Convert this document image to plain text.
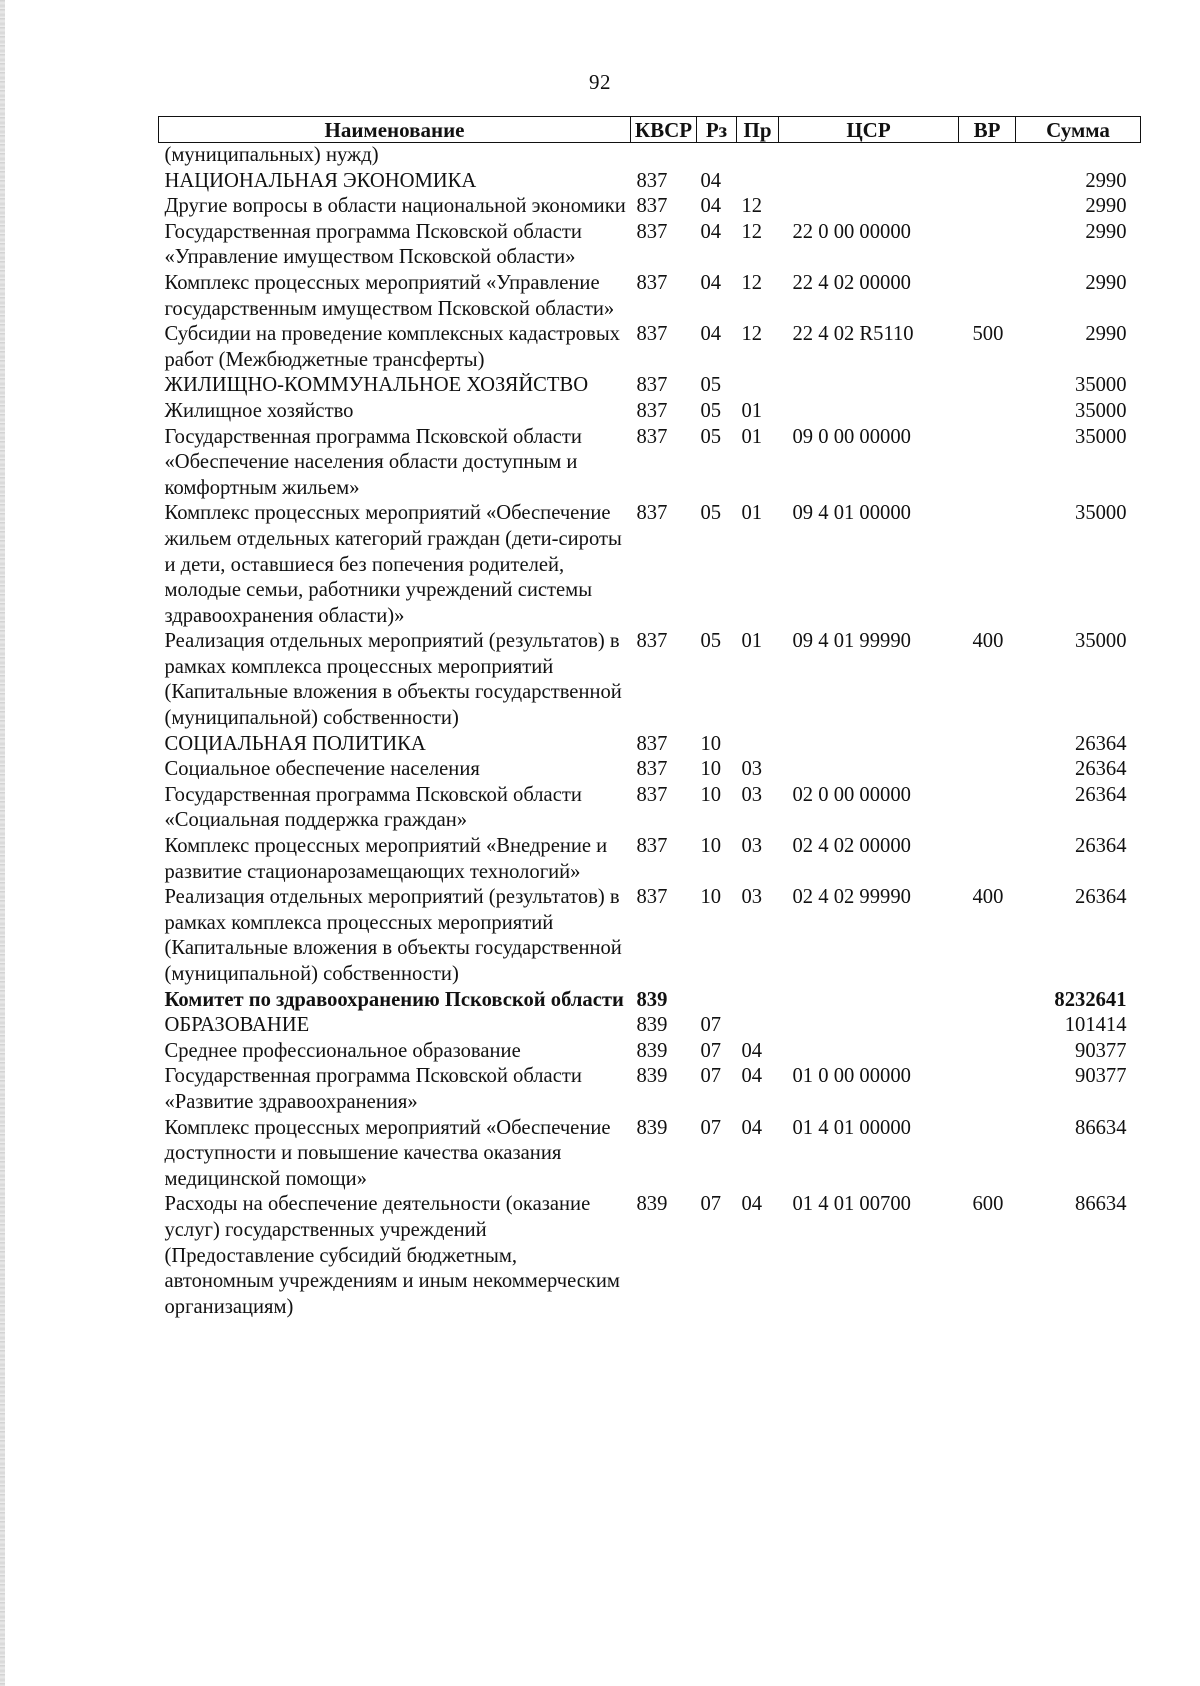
92
Наименование	КВСР	Рз	Пр	ЦСР	ВР	Сумма
(муниципальных) нужд)						
НАЦИОНАЛЬНАЯ ЭКОНОМИКА	837	04				2990
Другие вопросы в области национальной экономики	837	04	12			2990
Государственная программа Псковской области «Управление имуществом Псковской области»	837	04	12	22 0 00 00000		2990
Комплекс процессных мероприятий «Управление государственным имуществом Псковской области»	837	04	12	22 4 02 00000		2990
Субсидии на проведение комплексных кадастровых работ (Межбюджетные трансферты)	837	04	12	22 4 02 R5110	500	2990
ЖИЛИЩНО-КОММУНАЛЬНОЕ ХОЗЯЙСТВО	837	05				35000
Жилищное хозяйство	837	05	01			35000
Государственная программа Псковской области «Обеспечение населения области доступным и комфортным жильем»	837	05	01	09 0 00 00000		35000
Комплекс процессных мероприятий «Обеспечение жильем отдельных категорий граждан (дети-сироты и дети, оставшиеся без попечения родителей, молодые семьи, работники учреждений системы здравоохранения области)»	837	05	01	09 4 01 00000		35000
Реализация отдельных мероприятий (результатов) в рамках комплекса процессных мероприятий (Капитальные вложения в объекты государственной (муниципальной) собственности)	837	05	01	09 4 01 99990	400	35000
СОЦИАЛЬНАЯ ПОЛИТИКА	837	10				26364
Социальное обеспечение населения	837	10	03			26364
Государственная программа Псковской области «Социальная поддержка граждан»	837	10	03	02 0 00 00000		26364
Комплекс процессных мероприятий «Внедрение и развитие стационарозамещающих технологий»	837	10	03	02 4 02 00000		26364
Реализация отдельных мероприятий (результатов) в рамках комплекса процессных мероприятий (Капитальные вложения в объекты государственной (муниципальной) собственности)	837	10	03	02 4 02 99990	400	26364
Комитет по здравоохранению Псковской области	839					8232641
ОБРАЗОВАНИЕ	839	07				101414
Среднее профессиональное образование	839	07	04			90377
Государственная программа Псковской области «Развитие здравоохранения»	839	07	04	01 0 00 00000		90377
Комплекс процессных мероприятий «Обеспечение доступности и повышение качества оказания медицинской помощи»	839	07	04	01 4 01 00000		86634
Расходы на обеспечение деятельности (оказание услуг) государственных учреждений (Предоставление субсидий бюджетным, автономным учреждениям и иным некоммерческим организациям)	839	07	04	01 4 01 00700	600	86634
